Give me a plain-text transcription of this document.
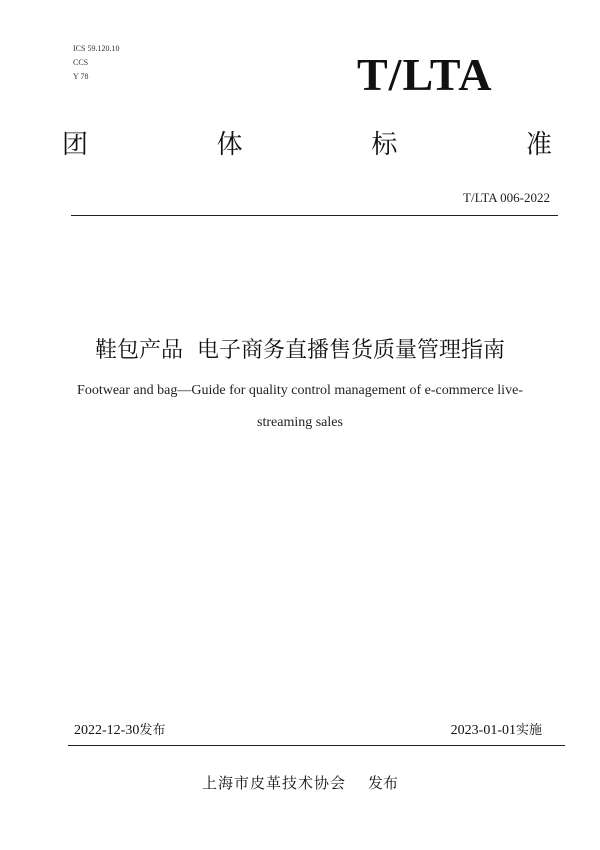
ICS 59.120.10
CCS
Y 78	T/LTA
团	体	标	准
T/LTA 006-2022
鞋包产品  电子商务直播售货质量管理指南
Footwear and bag—Guide for quality control management of e-commerce live-
streaming sales
2022-12-30发布	2023-01-01实施
上海市皮革技术协会 发布
